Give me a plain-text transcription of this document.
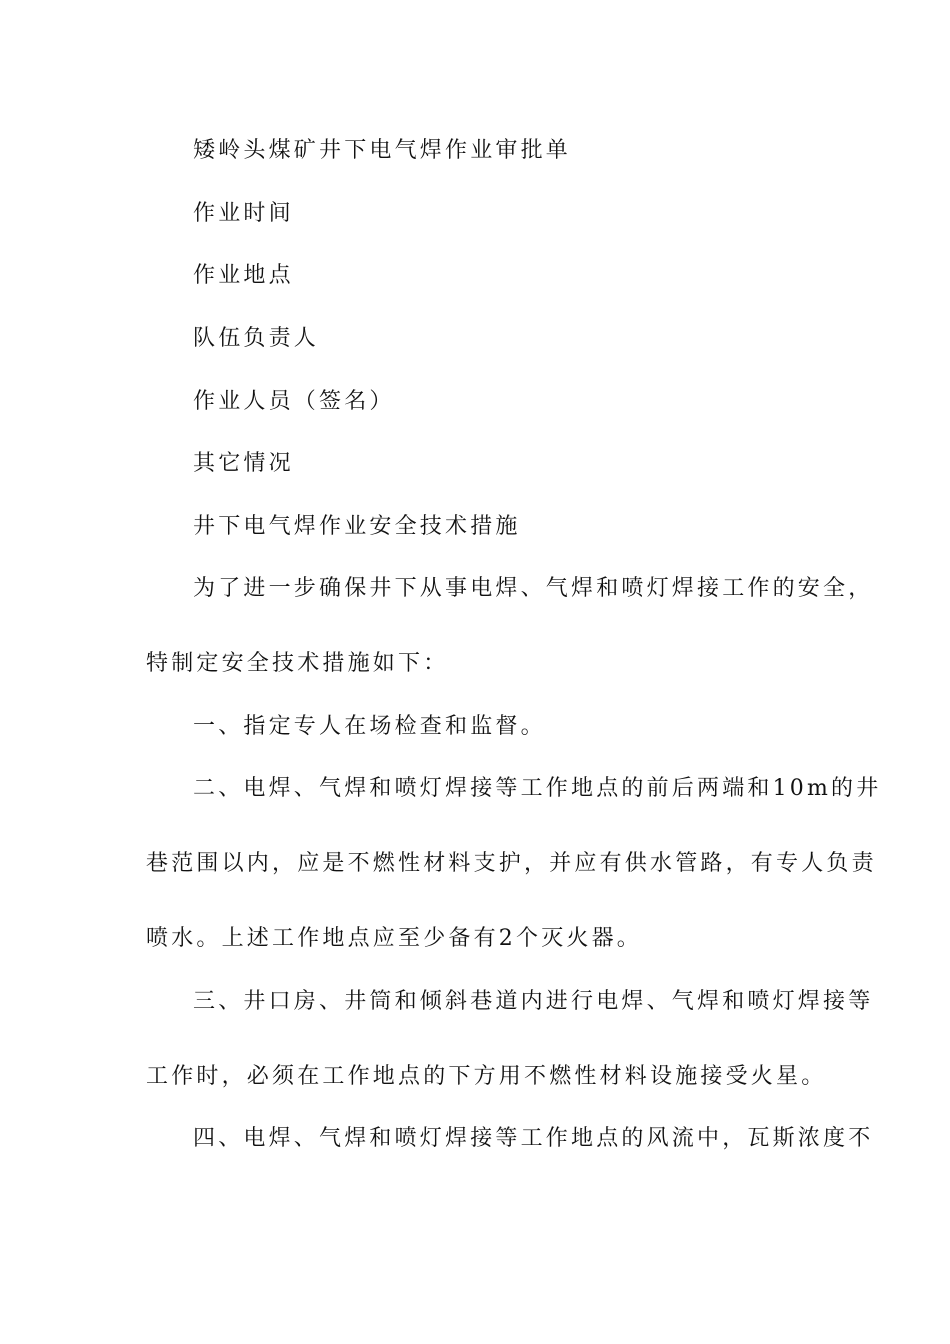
矮岭头煤矿井下电气焊作业审批单
作业时间
作业地点
队伍负责人
作业人员（签名）
其它情况
井下电气焊作业安全技术措施
为了进一步确保井下从事电焊、气焊和喷灯焊接工作的安全，
特制定安全技术措施如下：
一、指定专人在场检查和监督。
二、电焊、气焊和喷灯焊接等工作地点的前后两端和10m的井
巷范围以内，应是不燃性材料支护，并应有供水管路，有专人负责
喷水。上述工作地点应至少备有2个灭火器。
三、井口房、井筒和倾斜巷道内进行电焊、气焊和喷灯焊接等
工作时，必须在工作地点的下方用不燃性材料设施接受火星。
四、电焊、气焊和喷灯焊接等工作地点的风流中，瓦斯浓度不
